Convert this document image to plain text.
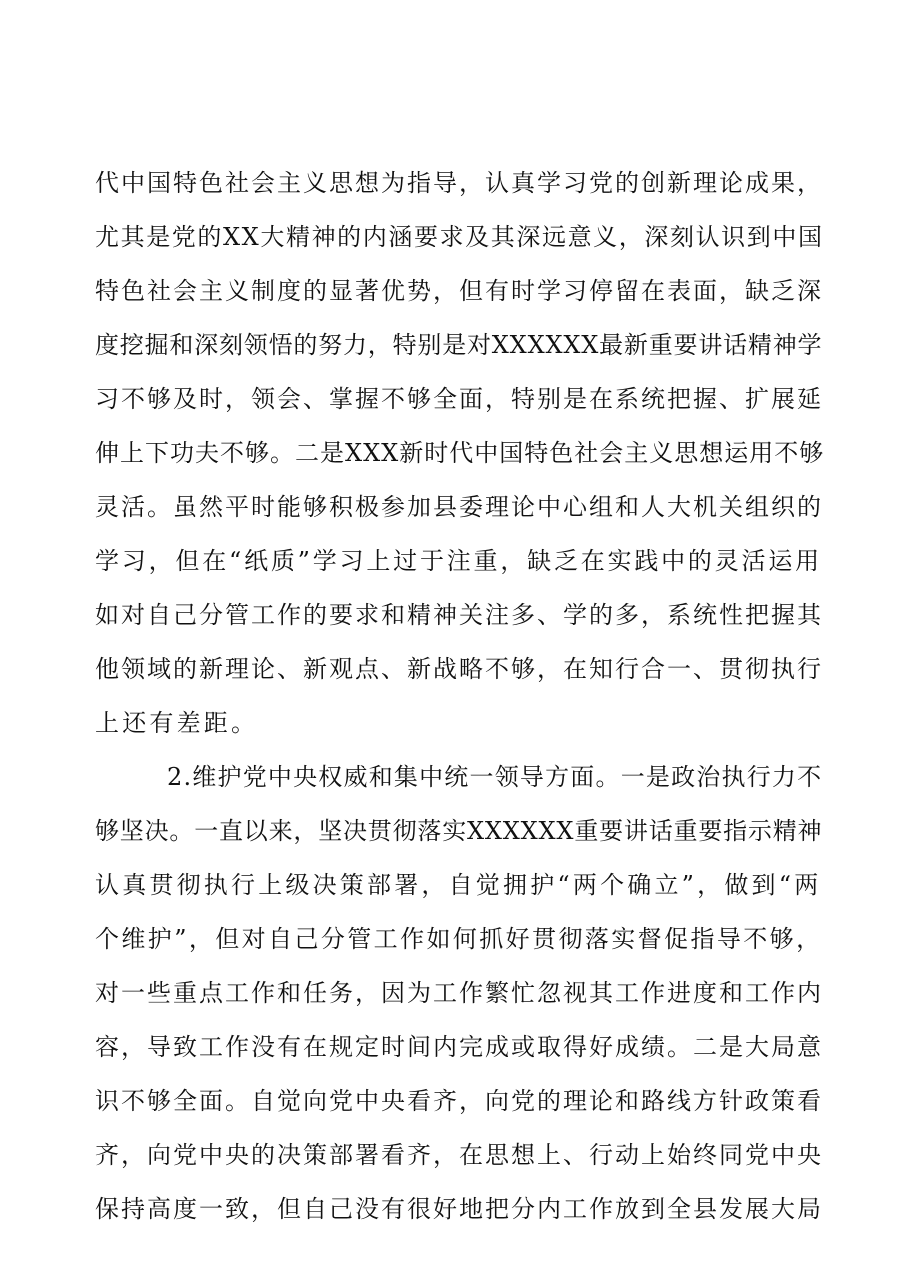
代中国特色社会主义思想为指导，认真学习党的创新理论成果，
尤其是党的XX大精神的内涵要求及其深远意义，深刻认识到中国
特色社会主义制度的显著优势，但有时学习停留在表面，缺乏深
度挖掘和深刻领悟的努力，特别是对XXXXXX最新重要讲话精神学
习不够及时，领会、掌握不够全面，特别是在系统把握、扩展延
伸上下功夫不够。二是XXX新时代中国特色社会主义思想运用不够
灵活。虽然平时能够积极参加县委理论中心组和人大机关组织的
学习，但在“纸质”学习上过于注重，缺乏在实践中的灵活运用
如对自己分管工作的要求和精神关注多、学的多，系统性把握其
他领域的新理论、新观点、新战略不够，在知行合一、贯彻执行
上还有差距。
2.维护党中央权威和集中统一领导方面。一是政治执行力不
够坚决。一直以来，坚决贯彻落实XXXXXX重要讲话重要指示精神
认真贯彻执行上级决策部署，自觉拥护“两个确立”，做到“两
个维护”，但对自己分管工作如何抓好贯彻落实督促指导不够，
对一些重点工作和任务，因为工作繁忙忽视其工作进度和工作内
容，导致工作没有在规定时间内完成或取得好成绩。二是大局意
识不够全面。自觉向党中央看齐，向党的理论和路线方针政策看
齐，向党中央的决策部署看齐，在思想上、行动上始终同党中央
保持高度一致，但自己没有很好地把分内工作放到全县发展大局
